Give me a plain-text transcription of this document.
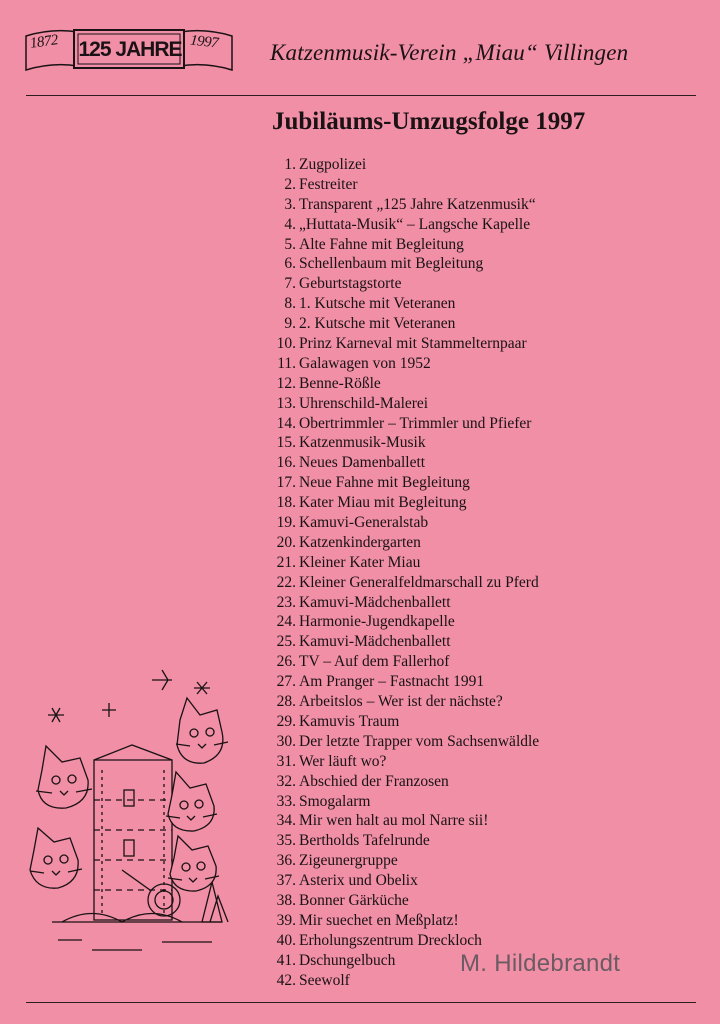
1872 125 JAHRE 1997 Katzenmusik-Verein „Miau“ Villingen
Jubiläums-Umzugsfolge 1997
1. Zugpolizei
2. Festreiter
3. Transparent „125 Jahre Katzenmusik“
4. „Huttata-Musik“ – Langsche Kapelle
5. Alte Fahne mit Begleitung
6. Schellenbaum mit Begleitung
7. Geburtstagstorte
8. 1. Kutsche mit Veteranen
9. 2. Kutsche mit Veteranen
10. Prinz Karneval mit Stammelternpaar
11. Galawagen von 1952
12. Benne-Rößle
13. Uhrenschild-Malerei
14. Obertrimmler – Trimmler und Pfiefer
15. Katzenmusik-Musik
16. Neues Damenballett
17. Neue Fahne mit Begleitung
18. Kater Miau mit Begleitung
19. Kamuvi-Generalstab
20. Katzenkindergarten
21. Kleiner Kater Miau
22. Kleiner Generalfeldmarschall zu Pferd
23. Kamuvi-Mädchenballett
24. Harmonie-Jugendkapelle
25. Kamuvi-Mädchenballett
26. TV – Auf dem Fallerhof
27. Am Pranger – Fastnacht 1991
28. Arbeitslos – Wer ist der nächste?
29. Kamuvis Traum
30. Der letzte Trapper vom Sachsenwäldle
31. Wer läuft wo?
32. Abschied der Franzosen
33. Smogalarm
34. Mir wen halt au mol Narre sii!
35. Bertholds Tafelrunde
36. Zigeunergruppe
37. Asterix und Obelix
38. Bonner Gärküche
39. Mir suechet en Meßplatz!
40. Erholungszentrum Dreckloch
41. Dschungelbuch
42. Seewolf
M. Hildebrandt
